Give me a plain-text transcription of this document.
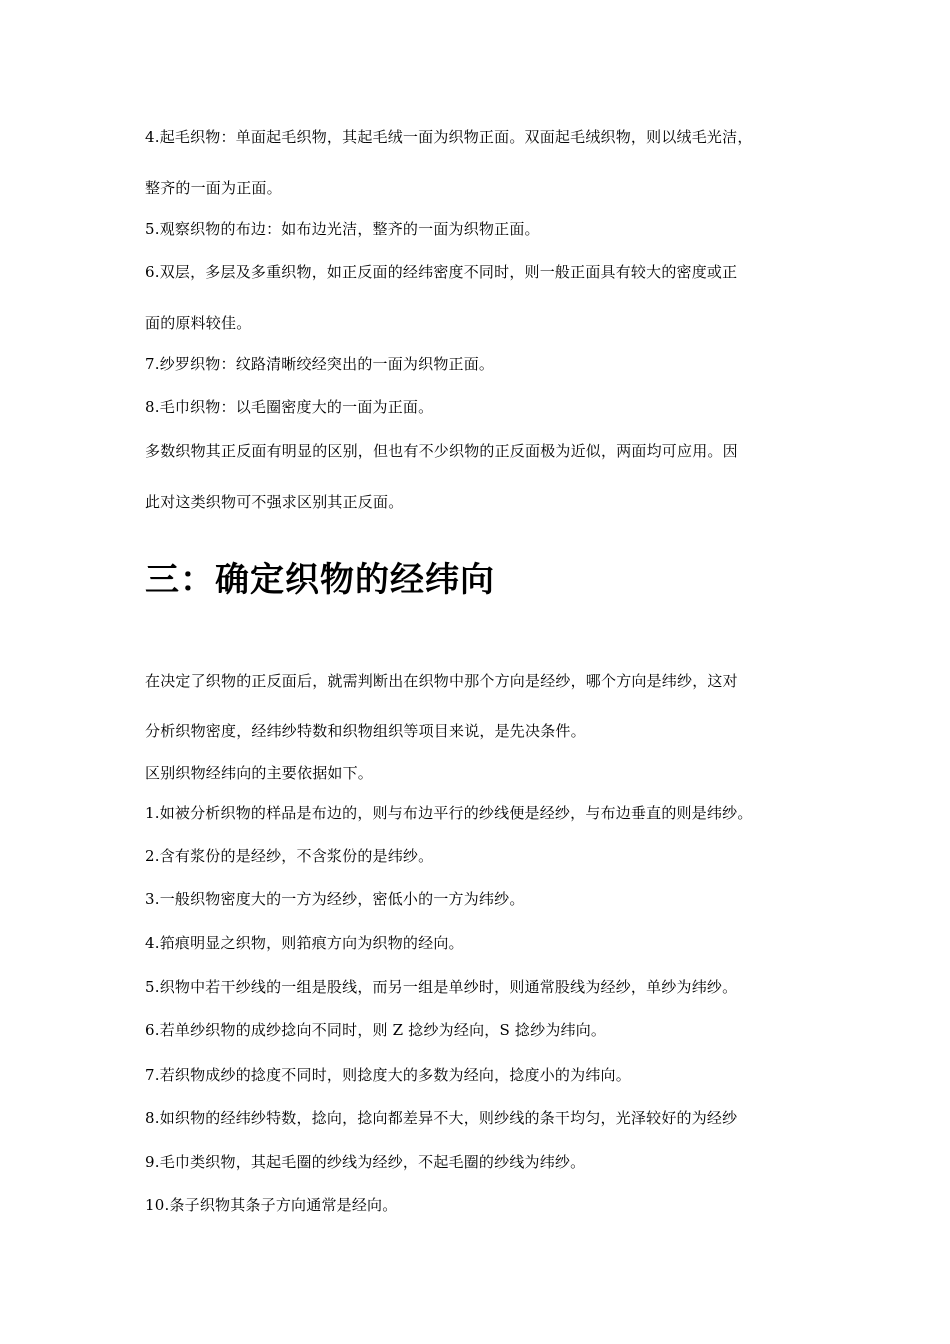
4.起毛织物：单面起毛织物，其起毛绒一面为织物正面。双面起毛绒织物，则以绒毛光洁，
整齐的一面为正面。
5.观察织物的布边：如布边光洁，整齐的一面为织物正面。
6.双层，多层及多重织物，如正反面的经纬密度不同时，则一般正面具有较大的密度或正
面的原料较佳。
7.纱罗织物：纹路清晰绞经突出的一面为织物正面。
8.毛巾织物：以毛圈密度大的一面为正面。
多数织物其正反面有明显的区别，但也有不少织物的正反面极为近似，两面均可应用。因
此对这类织物可不强求区别其正反面。
三：确定织物的经纬向
在决定了织物的正反面后，就需判断出在织物中那个方向是经纱，哪个方向是纬纱，这对
分析织物密度，经纬纱特数和织物组织等项目来说，是先决条件。
区别织物经纬向的主要依据如下。
1.如被分析织物的样品是布边的，则与布边平行的纱线便是经纱，与布边垂直的则是纬纱。
2.含有浆份的是经纱，不含浆份的是纬纱。
3.一般织物密度大的一方为经纱，密低小的一方为纬纱。
4.筘痕明显之织物，则筘痕方向为织物的经向。
5.织物中若干纱线的一组是股线，而另一组是单纱时，则通常股线为经纱，单纱为纬纱。
6.若单纱织物的成纱捻向不同时，则 Z 捻纱为经向，S 捻纱为纬向。
7.若织物成纱的捻度不同时，则捻度大的多数为经向，捻度小的为纬向。
8.如织物的经纬纱特数，捻向，捻向都差异不大，则纱线的条干均匀，光泽较好的为经纱
9.毛巾类织物，其起毛圈的纱线为经纱，不起毛圈的纱线为纬纱。
10.条子织物其条子方向通常是经向。
